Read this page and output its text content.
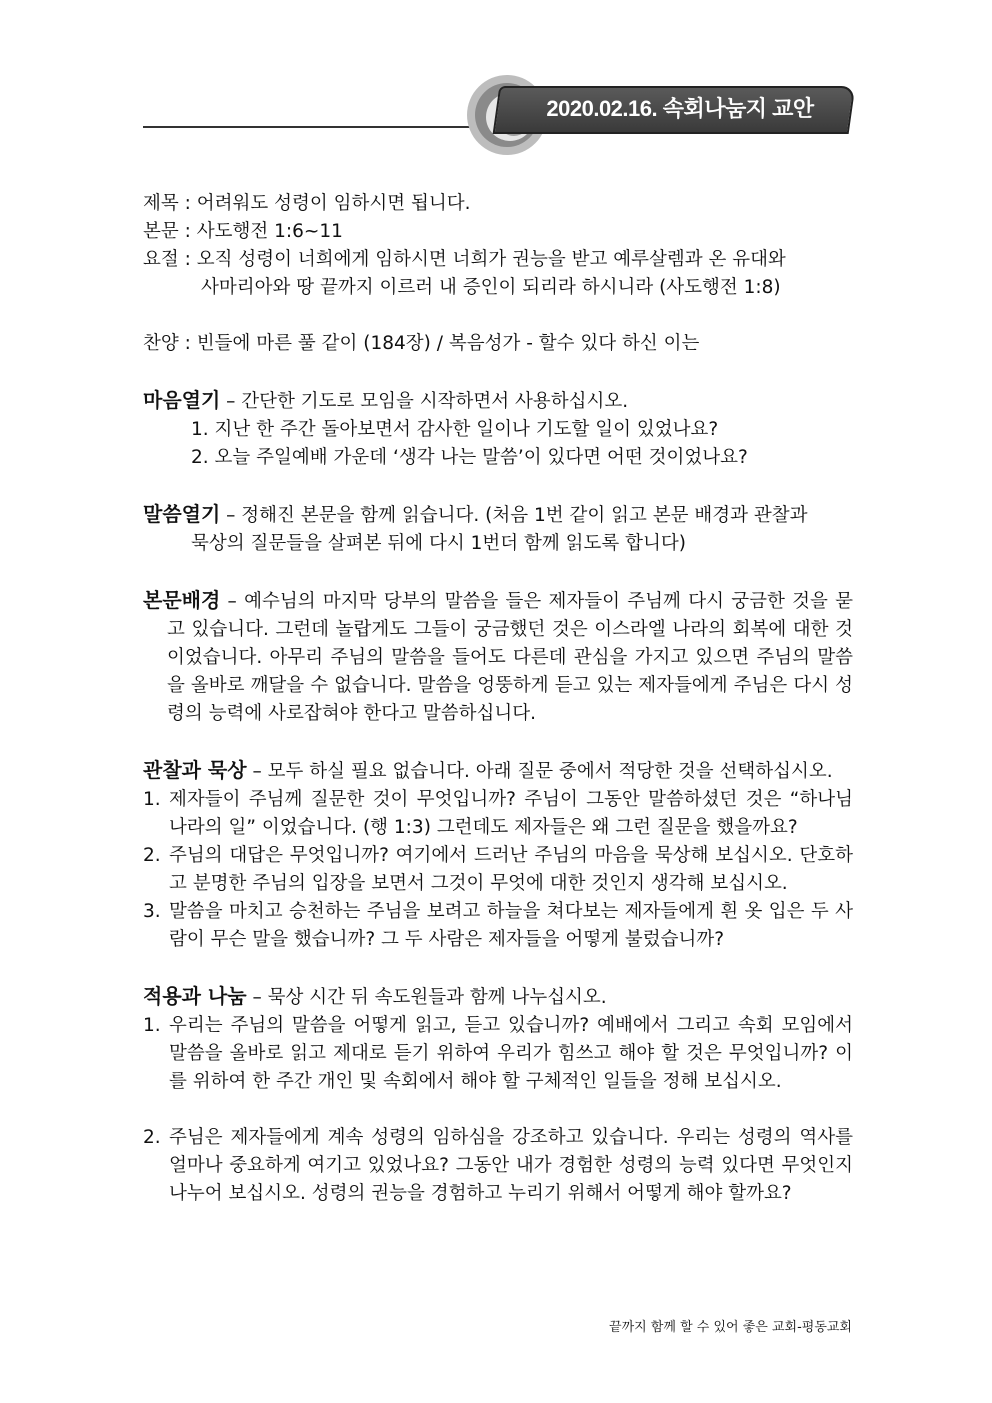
2020.02.16. 속회나눔지 교안
제목 : 어려워도 성령이 임하시면 됩니다.
본문 : 사도행전 1:6~11
요절 : 오직 성령이 너희에게 임하시면 너희가 권능을 받고 예루살렘과 온 유대와
사마리아와 땅 끝까지 이르러 내 증인이 되리라 하시니라 (사도행전 1:8)
찬양 : 빈들에 마른 풀 같이 (184장) / 복음성가 - 할수 있다 하신 이는
마음열기 – 간단한 기도로 모임을 시작하면서 사용하십시오.
1. 지난 한 주간 돌아보면서 감사한 일이나 기도할 일이 있었나요?
2. 오늘 주일예배 가운데 ‘생각 나는 말씀’이 있다면 어떤 것이었나요?
말씀열기 – 정해진 본문을 함께 읽습니다. (처음 1번 같이 읽고 본문 배경과 관찰과
묵상의 질문들을 살펴본 뒤에 다시 1번더 함께 읽도록 합니다)
본문배경 – 예수님의 마지막 당부의 말씀을 들은 제자들이 주님께 다시 궁금한 것을 묻고 있습니다. 그런데 놀랍게도 그들이 궁금했던 것은 이스라엘 나라의 회복에 대한 것이었습니다. 아무리 주님의 말씀을 들어도 다른데 관심을 가지고 있으면 주님의 말씀을 올바로 깨달을 수 없습니다. 말씀을 엉뚱하게 듣고 있는 제자들에게 주님은 다시 성령의 능력에 사로잡혀야 한다고 말씀하십니다.
관찰과 묵상 – 모두 하실 필요 없습니다. 아래 질문 중에서 적당한 것을 선택하십시오.
1. 제자들이 주님께 질문한 것이 무엇입니까? 주님이 그동안 말씀하셨던 것은 “하나님 나라의 일” 이었습니다. (행 1:3) 그런데도 제자들은 왜 그런 질문을 했을까요?
2. 주님의 대답은 무엇입니까? 여기에서 드러난 주님의 마음을 묵상해 보십시오. 단호하고 분명한 주님의 입장을 보면서 그것이 무엇에 대한 것인지 생각해 보십시오.
3. 말씀을 마치고 승천하는 주님을 보려고 하늘을 쳐다보는 제자들에게 흰 옷 입은 두 사람이 무슨 말을 했습니까? 그 두 사람은 제자들을 어떻게 불렀습니까?
적용과 나눔 – 묵상 시간 뒤 속도원들과 함께 나누십시오.
1. 우리는 주님의 말씀을 어떻게 읽고, 듣고 있습니까? 예배에서 그리고 속회 모임에서 말씀을 올바로 읽고 제대로 듣기 위하여 우리가 힘쓰고 해야 할 것은 무엇입니까? 이를 위하여 한 주간 개인 및 속회에서 해야 할 구체적인 일들을 정해 보십시오.
2. 주님은 제자들에게 계속 성령의 임하심을 강조하고 있습니다. 우리는 성령의 역사를 얼마나 중요하게 여기고 있었나요? 그동안 내가 경험한 성령의 능력 있다면 무엇인지 나누어 보십시오. 성령의 권능을 경험하고 누리기 위해서 어떻게 해야 할까요?
끝까지 함께 할 수 있어 좋은 교회-평동교회
